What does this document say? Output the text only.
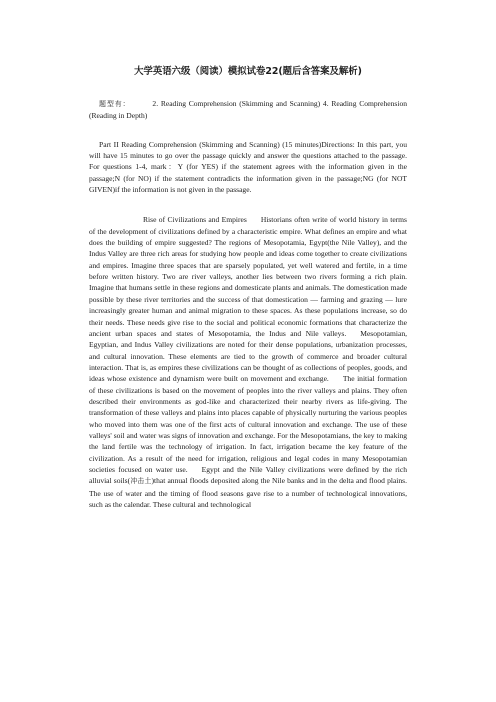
大学英语六级（阅读）模拟试卷22(题后含答案及解析)

题型有：	2. Reading Comprehension (Skimming and Scanning) 4. Reading Comprehension (Reading in Depth)

Part II Reading Comprehension (Skimming and Scanning) (15 minutes)Directions: In this part, you will have 15 minutes to go over the passage quickly and answer the questions attached to the passage. For questions 1-4, mark：Y (for YES) if the statement agrees with the information given in the passage;N (for NO) if the statement contradicts the information given in the passage;NG (for NOT GIVEN)if the information is not given in the passage.

Rise of Civilizations and Empires Historians often write of world history in terms of the development of civilizations defined by a characteristic empire. What defines an empire and what does the building of empire suggested? The regions of Mesopotamia, Egypt(the Nile Valley), and the Indus Valley are three rich areas for studying how people and ideas come together to create civilizations and empires. Imagine three spaces that are sparsely populated, yet well watered and fertile, in a time before written history. Two are river valleys, another lies between two rivers forming a rich plain. Imagine that humans settle in these regions and domesticate plants and animals. The domestication made possible by these river territories and the success of that domestication — farming and grazing — lure increasingly greater human and animal migration to these spaces. As these populations increase, so do their needs. These needs give rise to the social and political economic formations that characterize the ancient urban spaces and states of Mesopotamia, the Indus and Nile valleys. Mesopotamian, Egyptian, and Indus Valley civilizations are noted for their dense populations, urbanization processes, and cultural innovation. These elements are tied to the growth of commerce and broader cultural interaction. That is, as empires these civilizations can be thought of as collections of peoples, goods, and ideas whose existence and dynamism were built on movement and exchange. The initial formation of these civilizations is based on the movement of peoples into the river valleys and plains. They often described their environments as god-like and characterized their nearby rivers as life-giving. The transformation of these valleys and plains into places capable of physically nurturing the various peoples who moved into them was one of the first acts of cultural innovation and exchange. The use of these valleys' soil and water was signs of innovation and exchange. For the Mesopotamians, the key to making the land fertile was the technology of irrigation. In fact, irrigation became the key feature of the civilization. As a result of the need for irrigation, religious and legal codes in many Mesopotamian societies focused on water use. Egypt and the Nile Valley civilizations were defined by the rich alluvial soils(冲击土)that annual floods deposited along the Nile banks and in the delta and flood plains. The use of water and the timing of flood seasons gave rise to a number of technological innovations, such as the calendar. These cultural and technological
